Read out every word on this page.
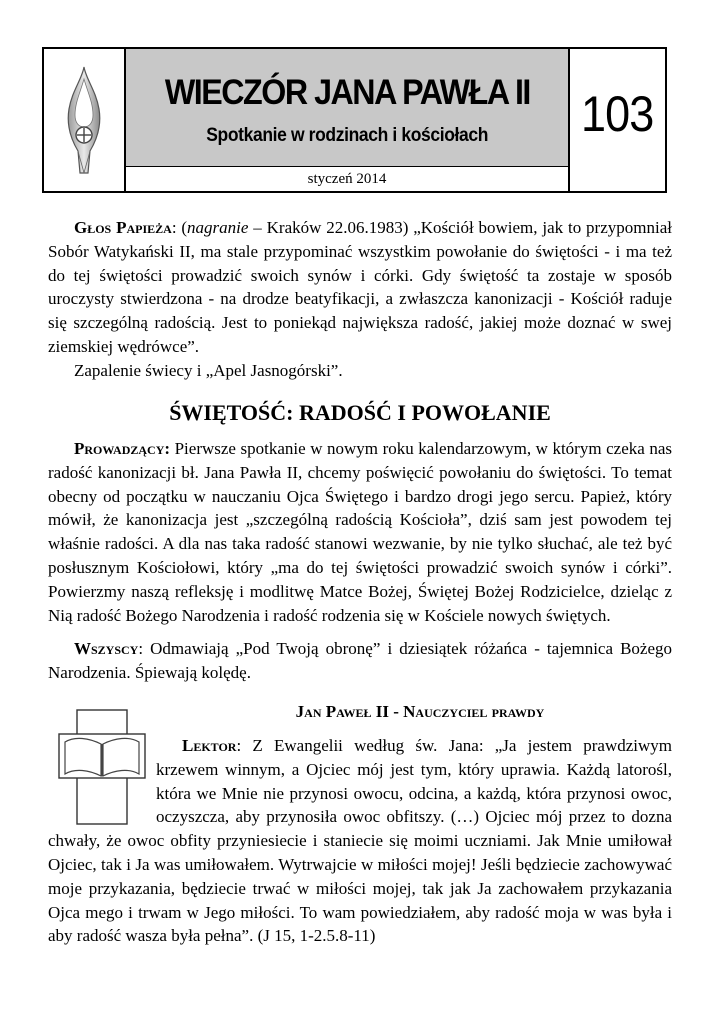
WIECZÓR JANA PAWŁA II
Spotkanie w rodzinach i kościołach
styczeń 2014
103

Głos Papieża: (nagranie – Kraków 22.06.1983) „Kościół bowiem, jak to przypomniał Sobór Watykański II, ma stale przypominać wszystkim powołanie do świętości - i ma też do tej świętości prowadzić swoich synów i córki. Gdy świętość ta zostaje w sposób uroczysty stwierdzona - na drodze beatyfikacji, a zwłaszcza kanonizacji - Kościół raduje się szczególną radością. Jest to poniekąd największa radość, jakiej może doznać w swej ziemskiej wędrówce”.

Zapalenie świecy i „Apel Jasnogórski”.

ŚWIĘTOŚĆ: RADOŚĆ I POWOŁANIE

Prowadzący: Pierwsze spotkanie w nowym roku kalendarzowym, w którym czeka nas radość kanonizacji bł. Jana Pawła II, chcemy poświęcić powołaniu do świętości. To temat obecny od początku w nauczaniu Ojca Świętego i bardzo drogi jego sercu. Papież, który mówił, że kanonizacja jest „szczególną radością Kościoła”, dziś sam jest powodem tej właśnie radości. A dla nas taka radość stanowi wezwanie, by nie tylko słuchać, ale też być posłusznym Kościołowi, który „ma do tej świętości prowadzić swoich synów i córki”. Powierzmy naszą refleksję i modlitwę Matce Bożej, Świętej Bożej Rodzicielce, dzieląc z Nią radość Bożego Narodzenia i radość rodzenia się w Kościele nowych świętych.

Wszyscy: Odmawiają „Pod Twoją obronę” i dziesiątek różańca - tajemnica Bożego Narodzenia. Śpiewają kolędę.

Jan Paweł II - Nauczyciel prawdy
Lektor: Z Ewangelii według św. Jana: „Ja jestem prawdziwym krzewem winnym, a Ojciec mój jest tym, który uprawia. Każdą latorośl, która we Mnie nie przynosi owocu, odcina, a każdą, która przynosi owoc, oczyszcza, aby przynosiła owoc obfitszy. (…) Ojciec mój przez to dozna chwały, że owoc obfity przyniesiecie i staniecie się moimi uczniami. Jak Mnie umiłował Ojciec, tak i Ja was umiłowałem. Wytrwajcie w miłości mojej! Jeśli będziecie zachowywać moje przykazania, będziecie trwać w miłości mojej, tak jak Ja zachowałem przykazania Ojca mego i trwam w Jego miłości. To wam powiedziałem, aby radość moja w was była i aby radość wasza była pełna”. (J 15, 1-2.5.8-11)
